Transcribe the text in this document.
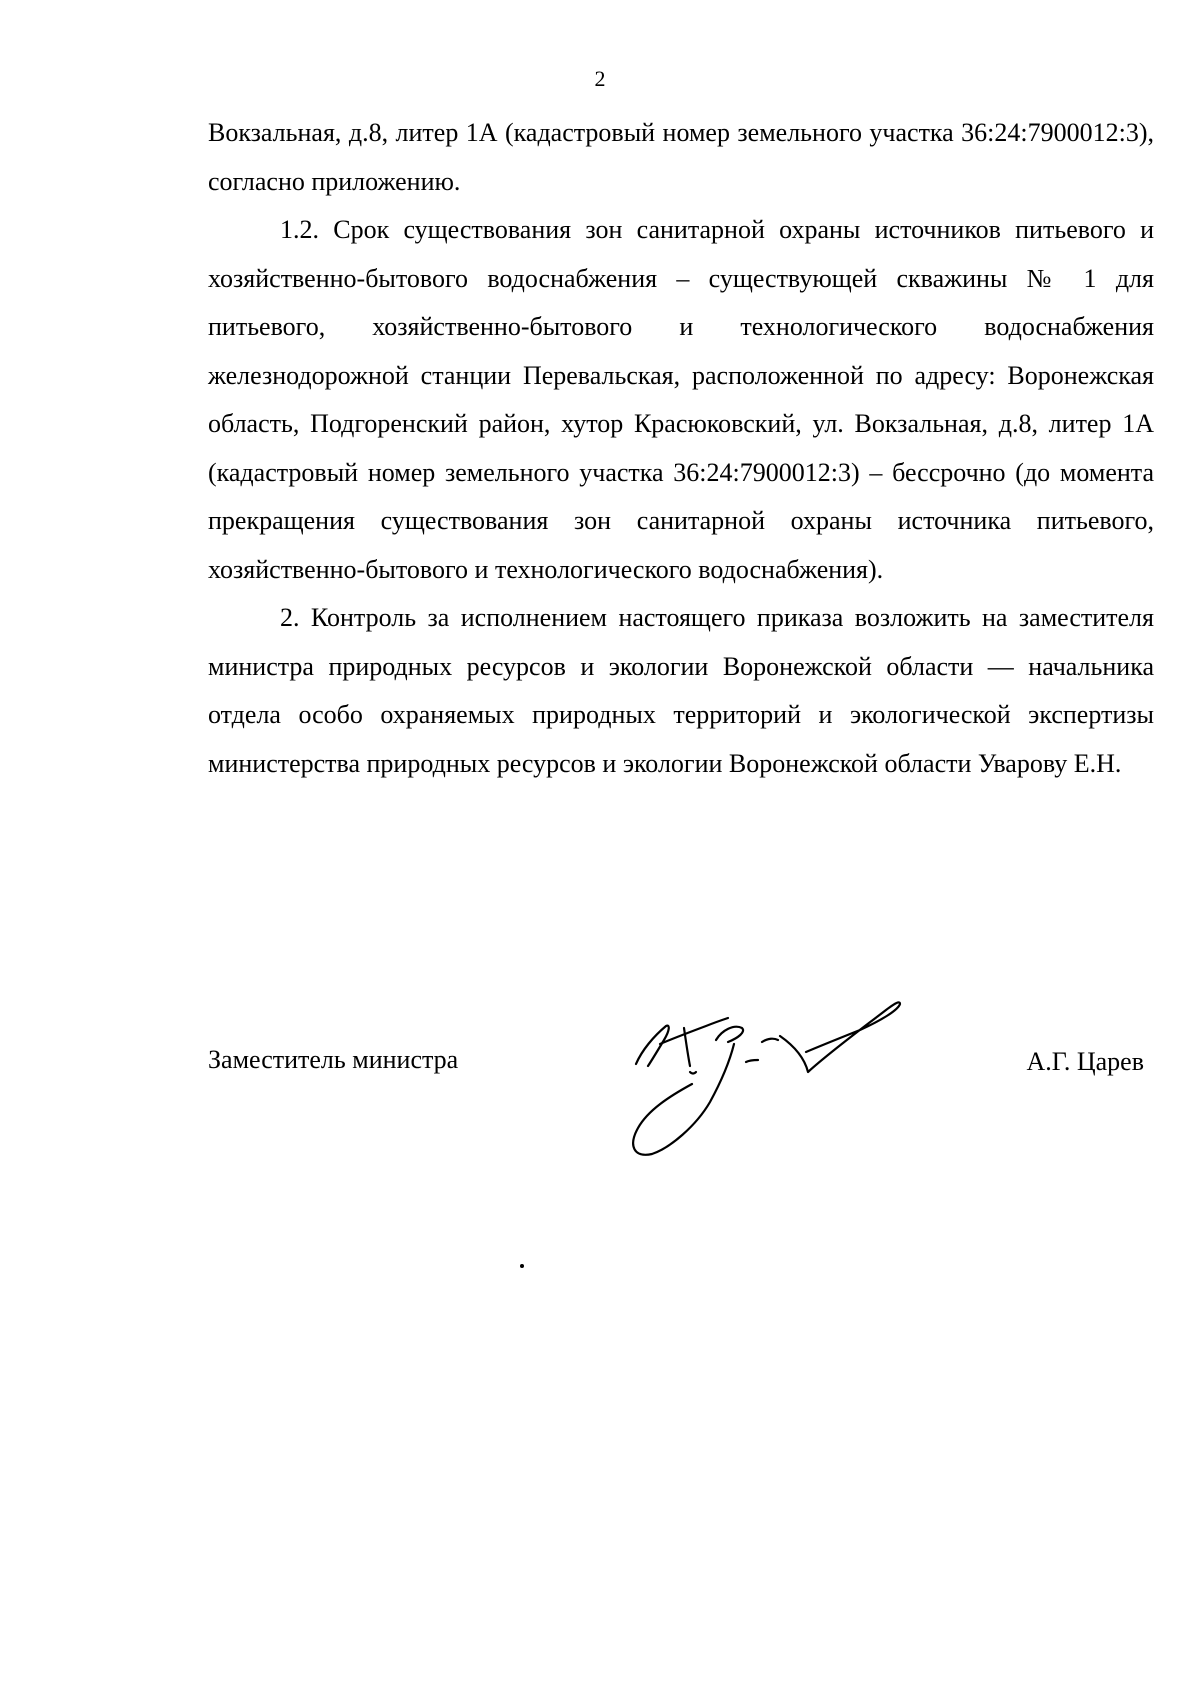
2

Вокзальная, д.8, литер 1А (кадастровый номер земельного участка 36:24:7900012:3), согласно приложению.

1.2. Срок существования зон санитарной охраны источников питьевого и хозяйственно-бытового водоснабжения – существующей скважины № 1 для питьевого, хозяйственно-бытового и технологического водоснабжения железнодорожной станции Перевальская, расположенной по адресу: Воронежская область, Подгоренский район, хутор Красюковский, ул. Вокзальная, д.8, литер 1А (кадастровый номер земельного участка 36:24:7900012:3) – бессрочно (до момента прекращения существования зон санитарной охраны источника питьевого, хозяйственно-бытового и технологического водоснабжения).

2. Контроль за исполнением настоящего приказа возложить на заместителя министра природных ресурсов и экологии Воронежской области — начальника отдела особо охраняемых природных территорий и экологической экспертизы министерства природных ресурсов и экологии Воронежской области Уварову Е.Н.

Заместитель министра	А.Г. Царев
